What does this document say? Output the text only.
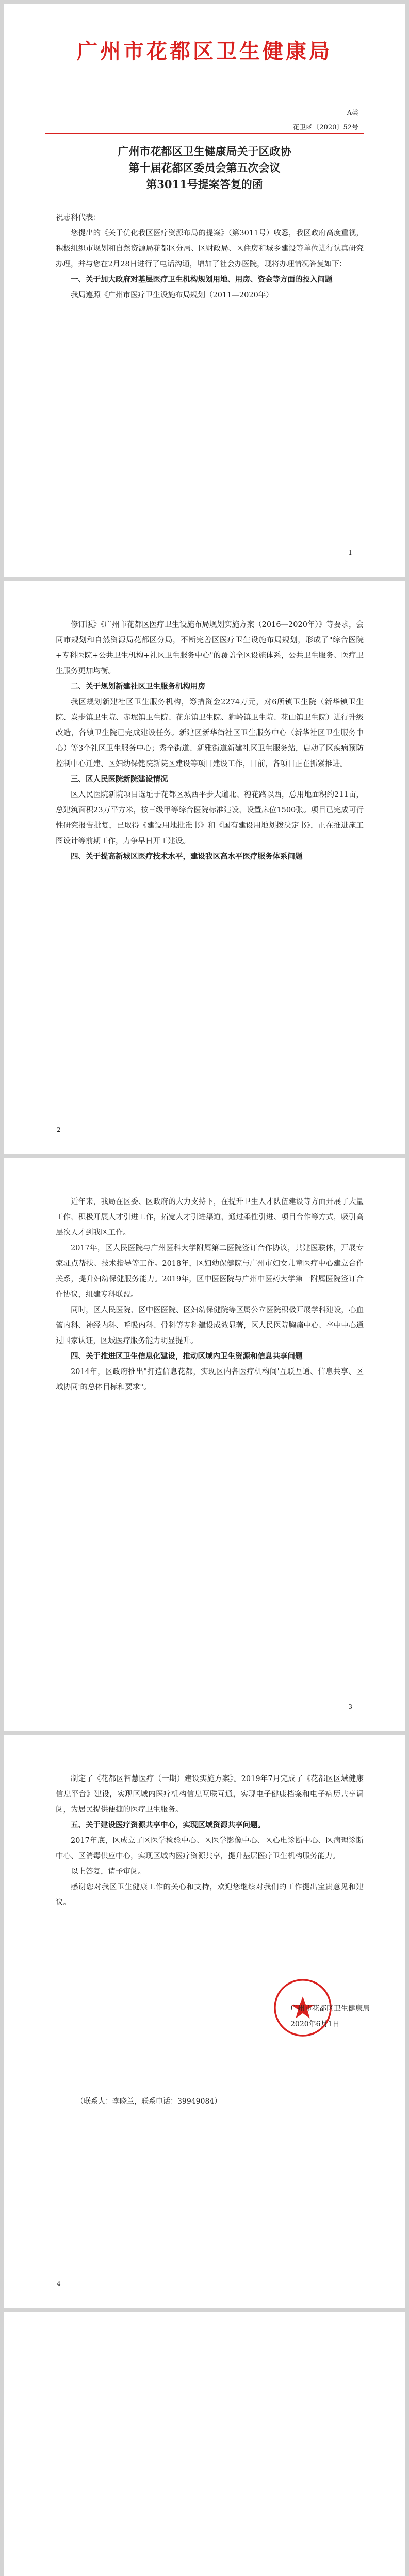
广州市花都区卫生健康局
A类
花卫函〔2020〕52号
广州市花都区卫生健康局关于区政协
第十届花都区委员会第五次会议
第3011号提案答复的函

祝志科代表：

您提出的《关于优化我区医疗资源布局的提案》（第3011号）收悉，我区政府高度重视，积极组织市规划和自然资源局花都区分局、区财政局、区住房和城乡建设等单位进行认真研究办理，并与您在2月28日进行了电话沟通，增加了社会办医院，现将办理情况答复如下：

一、关于加大政府对基层医疗卫生机构规划用地、用房、资金等方面的投入问题

我局遵照《广州市医疗卫生设施布局规划（2011—2020年）

—1—

修订版》《广州市花都区医疗卫生设施布局规划实施方案（2016—2020年）》等要求，会同市规划和自然资源局花都区分局，不断完善区医疗卫生设施布局规划，形成了"综合医院+专科医院+公共卫生机构+社区卫生服务中心"的覆盖全区设施体系，公共卫生服务、医疗卫生服务更加均衡。

二、关于规划新建社区卫生服务机构用房

我区规划新建社区卫生服务机构，筹措资金2274万元，对6所镇卫生院（新华镇卫生院、炭步镇卫生院、赤坭镇卫生院、花东镇卫生院、狮岭镇卫生院、花山镇卫生院）进行升级改造，各镇卫生院已完成建设任务。新建区新华街社区卫生服务中心（新华社区卫生服务中心）等3个社区卫生服务中心；秀全街道、新雅街道新建社区卫生服务站，启动了区疾病预防控制中心迁建、区妇幼保健院新院区建设等项目建设工作，目前，各项目正在抓紧推进。

三、区人民医院新院建设情况

区人民医院新院项目选址于花都区城西平步大道北、穗花路以西，总用地面积约211亩，总建筑面积23万平方米，按三级甲等综合医院标准建设，设置床位1500张。项目已完成可行性研究报告批复，已取得《建设用地批准书》和《国有建设用地划拨决定书》，正在推进施工图设计等前期工作，力争早日开工建设。

四、关于提高新城区医疗技术水平，建设我区高水平医疗服务体系问题

—2—

近年来，我局在区委、区政府的大力支持下，在提升卫生人才队伍建设等方面开展了大量工作，积极开展人才引进工作，拓宽人才引进渠道，通过柔性引进、项目合作等方式，吸引高层次人才到我区工作。

2017年，区人民医院与广州医科大学附属第二医院签订合作协议，共建医联体，开展专家驻点帮扶、技术指导等工作。2018年，区妇幼保健院与广州市妇女儿童医疗中心建立合作关系，提升妇幼保健服务能力。2019年，区中医医院与广州中医药大学第一附属医院签订合作协议，组建专科联盟。

同时，区人民医院、区中医医院、区妇幼保健院等区属公立医院积极开展学科建设，心血管内科、神经内科、呼吸内科、骨科等专科建设成效显著，区人民医院胸痛中心、卒中中心通过国家认证，区域医疗服务能力明显提升。

四、关于推进区卫生信息化建设，推动区域内卫生资源和信息共享问题

2014年，区政府推出"打造信息花都，实现区内各医疗机构间'互联互通、信息共享、区域协同'的总体目标和要求"。

—3—

制定了《花都区智慧医疗（一期）建设实施方案》。2019年7月完成了《花都区区域健康信息平台》建设，实现区域内医疗机构信息互联互通，实现电子健康档案和电子病历共享调阅，为居民提供便捷的医疗卫生服务。

五、关于建设医疗资源共享中心，实现区域资源共享问题。

2017年底，区成立了区医学检验中心、区医学影像中心、区心电诊断中心、区病理诊断中心、区消毒供应中心，实现区域内医疗资源共享，提升基层医疗卫生机构服务能力。

以上答复，请予审阅。

感谢您对我区卫生健康工作的关心和支持，欢迎您继续对我们的工作提出宝贵意见和建议。

广州市花都区卫生健康局
2020年6月1日
（联系人：李晓兰，联系电话：39949084）
—4—
